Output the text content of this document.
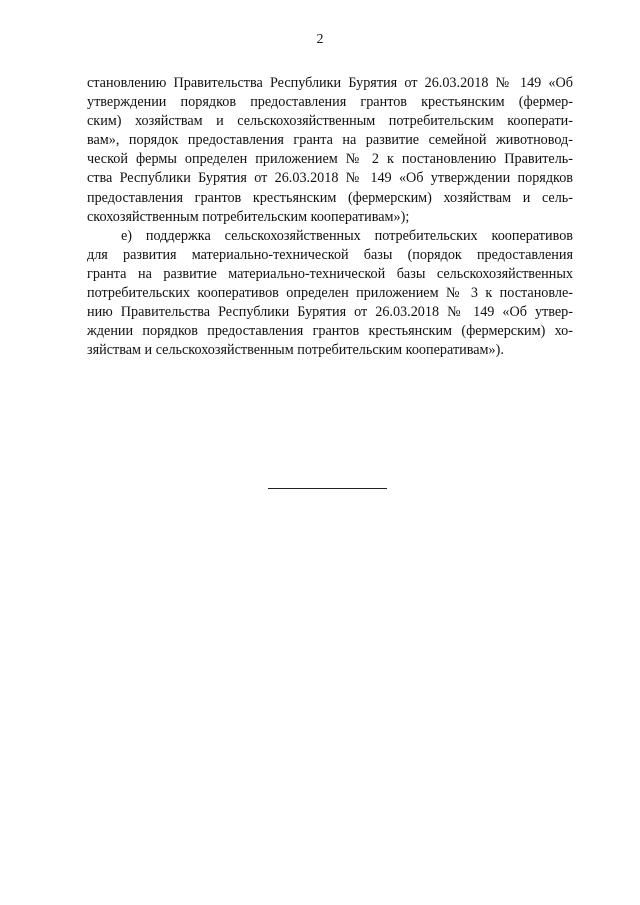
2
становлению Правительства Республики Бурятия от 26.03.2018 № 149 «Об
утверждении порядков предоставления грантов крестьянским (фермер-
ским) хозяйствам и сельскохозяйственным потребительским кооперати-
вам», порядок предоставления гранта на развитие семейной животновод-
ческой фермы определен приложением № 2 к постановлению Правитель-
ства Республики Бурятия от 26.03.2018 № 149 «Об утверждении порядков
предоставления грантов крестьянским (фермерским) хозяйствам и сель-
скохозяйственным потребительским кооперативам»);
е) поддержка сельскохозяйственных потребительских кооперативов
для развития материально-технической базы (порядок предоставления
гранта на развитие материально-технической базы сельскохозяйственных
потребительских кооперативов определен приложением № 3 к постановле-
нию Правительства Республики Бурятия от 26.03.2018 № 149 «Об утвер-
ждении порядков предоставления грантов крестьянским (фермерским) хо-
зяйствам и сельскохозяйственным потребительским кооперативам»).
